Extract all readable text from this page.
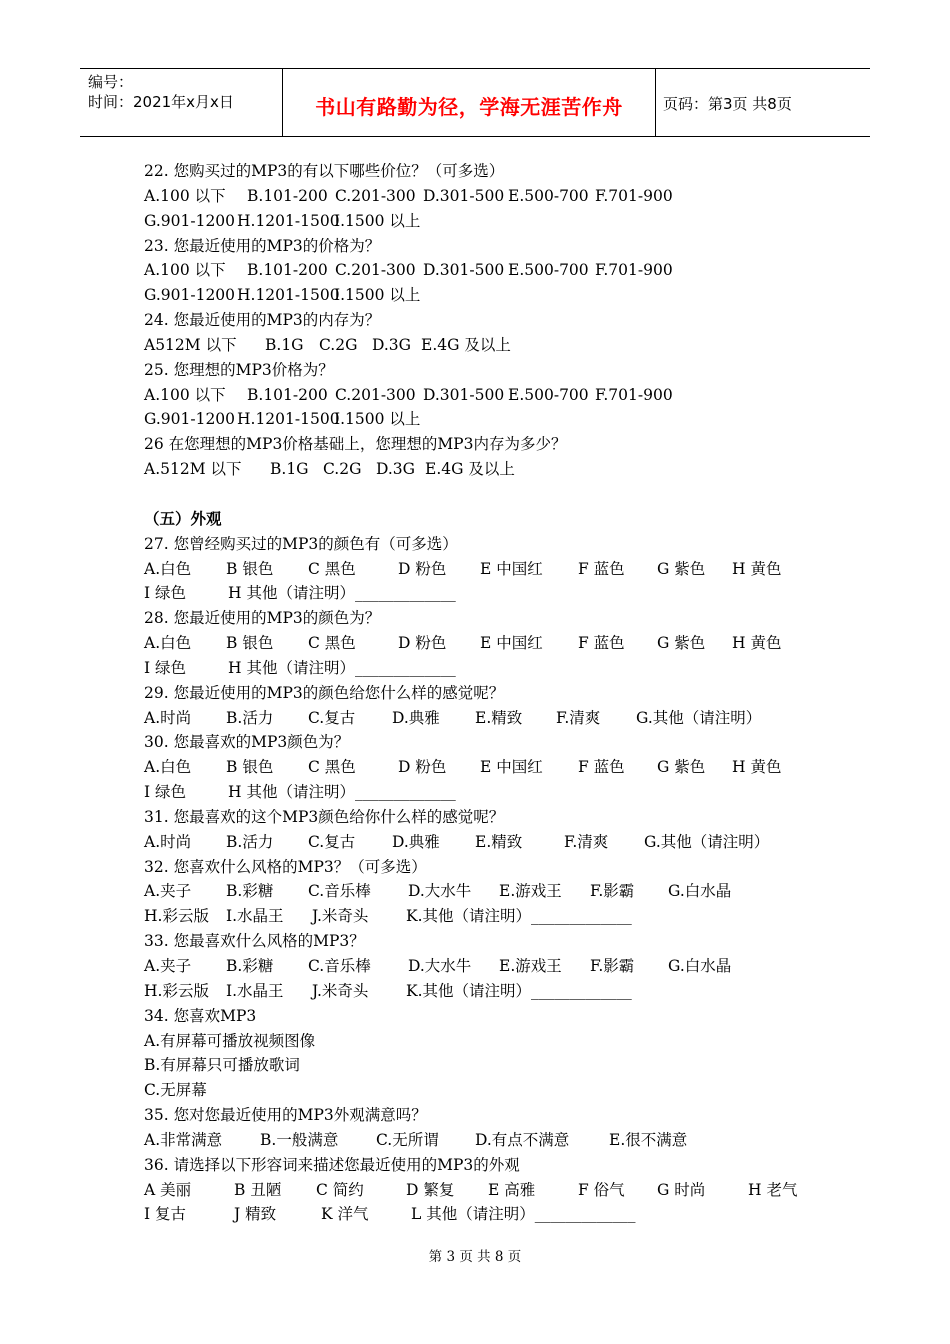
编号：
时间：2021年x月x日	书山有路勤为径，学海无涯苦作舟	页码：第3页 共8页
22. 您购买过的MP3的有以下哪些价位？（可多选）
A.100 以下 B.101-200 C.201-300 D.301-500 E.500-700 F.701-900
G.901-1200 H.1201-1500
I.1500 以上
23. 您最近使用的MP3的价格为？
A.100 以下 B.101-200 C.201-300 D.301-500 E.500-700 F.701-900
G.901-1200 H.1201-1500
I.1500 以上
24. 您最近使用的MP3的内存为？
A512M 以下 B.1G C.2G D.3G E.4G 及以上
25. 您理想的MP3价格为？
A.100 以下 B.101-200 C.201-300 D.301-500 E.500-700 F.701-900
G.901-1200 H.1201-1500
I.1500 以上
26 在您理想的MP3价格基础上，您理想的MP3内存为多少？
A.512M 以下 B.1G C.2G D.3G E.4G 及以上
（五）外观
27. 您曾经购买过的MP3的颜色有（可多选）
A.白色 B 银色 C 黑色	D 粉色 E 中国红 F 蓝色 G 紫色 H 黄色
I 绿色	H 其他（请注明）_____________
28. 您最近使用的MP3的颜色为？
A.白色 B 银色 C 黑色	D 粉色 E 中国红 F 蓝色 G 紫色 H 黄色
I 绿色	H 其他（请注明）_____________
29. 您最近使用的MP3的颜色给您什么样的感觉呢？
A.时尚 B.活力 C.复古 D.典雅 E.精致 F.清爽 G.其他（请注明）
30. 您最喜欢的MP3颜色为？
A.白色 B 银色 C 黑色	D 粉色 E 中国红 F 蓝色 G 紫色 H 黄色
I 绿色	H 其他（请注明）_____________
31. 您最喜欢的这个MP3颜色给你什么样的感觉呢？
A.时尚 B.活力 C.复古 D.典雅 E.精致	F.清爽 G.其他（请注明）
32. 您喜欢什么风格的MP3？（可多选）
A.夹子 B.彩糖 C.音乐棒 D.大水牛 E.游戏王 F.影霸 G.白水晶
H.彩云版 I.水晶王 J.米奇头 K.其他（请注明）_____________
33. 您最喜欢什么风格的MP3？
A.夹子 B.彩糖 C.音乐棒 D.大水牛 E.游戏王 F.影霸 G.白水晶
H.彩云版 I.水晶王 J.米奇头 K.其他（请注明）_____________
34. 您喜欢MP3
A.有屏幕可播放视频图像
B.有屏幕只可播放歌词
C.无屏幕
35. 您对您最近使用的MP3外观满意吗？
A.非常满意 B.一般满意 C.无所谓 D.有点不满意	E.很不满意
36. 请选择以下形容词来描述您最近使用的MP3的外观
A 美丽	B 丑陋 C 简约	D 繁复 E 高雅	F 俗气 G 时尚	H 老气
I 复古	J 精致	K 洋气	L 其他（请注明）_____________
第 3 页 共 8 页
